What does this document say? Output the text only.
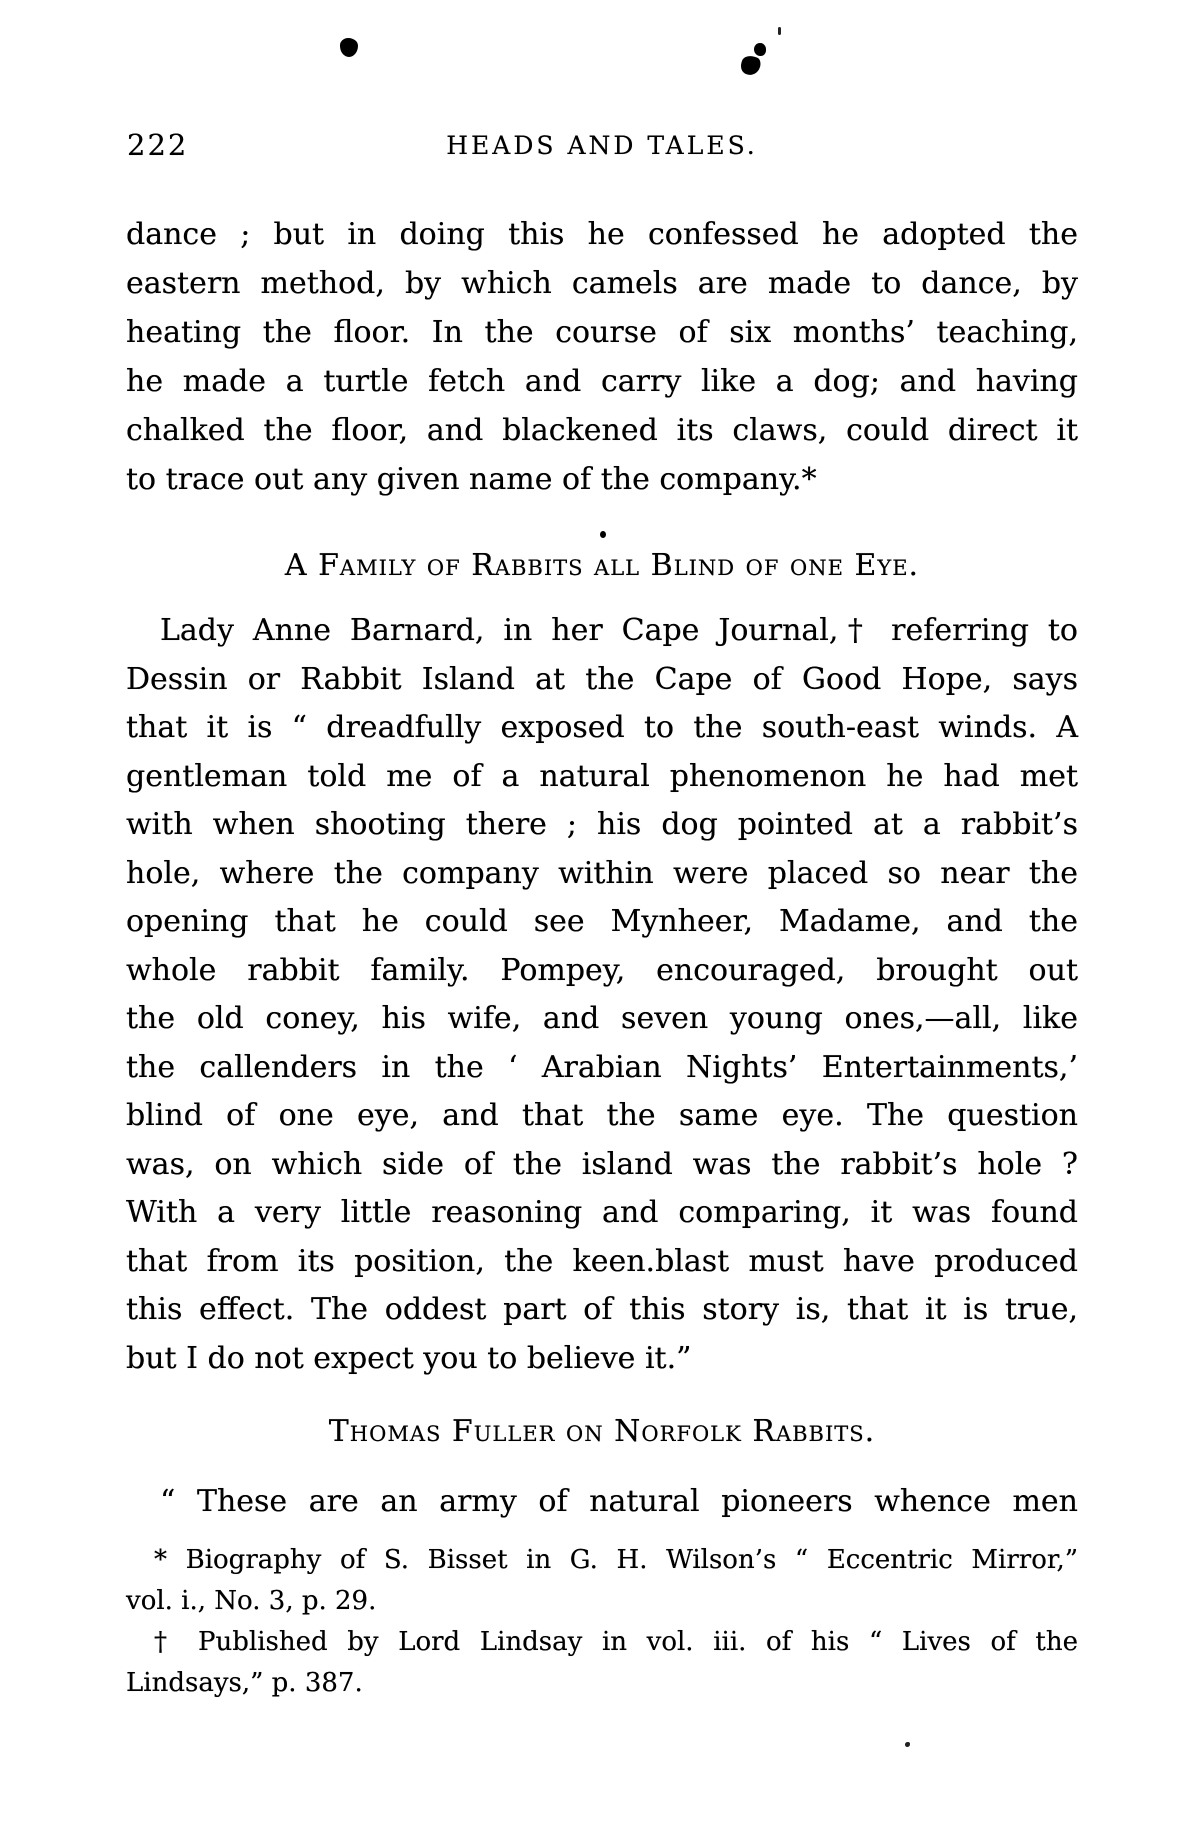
222	HEADS AND TALES.
dance ; but in doing this he confessed he adopted the
eastern method, by which camels are made to dance, by
heating the floor. In the course of six months’ teaching,
he made a turtle fetch and carry like a dog; and having
chalked the floor, and blackened its claws, could direct it
to trace out any given name of the company.*
A Family of Rabbits all Blind of one Eye.
Lady Anne Barnard, in her Cape Journal,† referring to
Dessin or Rabbit Island at the Cape of Good Hope, says
that it is “ dreadfully exposed to the south-east winds. A
gentleman told me of a natural phenomenon he had met
with when shooting there ; his dog pointed at a rabbit’s
hole, where the company within were placed so near the
opening that he could see Mynheer, Madame, and the
whole rabbit family. Pompey, encouraged, brought out
the old coney, his wife, and seven young ones,—all, like
the callenders in the ‘ Arabian Nights’ Entertainments,’
blind of one eye, and that the same eye. The question
was, on which side of the island was the rabbit’s hole ?
With a very little reasoning and comparing, it was found
that from its position, the keen.blast must have produced
this effect. The oddest part of this story is, that it is true,
but I do not expect you to believe it.”
Thomas Fuller on Norfolk Rabbits.
“ These are an army of natural pioneers whence men
* Biography of S. Bisset in G. H. Wilson’s “ Eccentric Mirror,”
vol. i., No. 3, p. 29.
† Published by Lord Lindsay in vol. iii. of his “ Lives of the
Lindsays,” p. 387.
